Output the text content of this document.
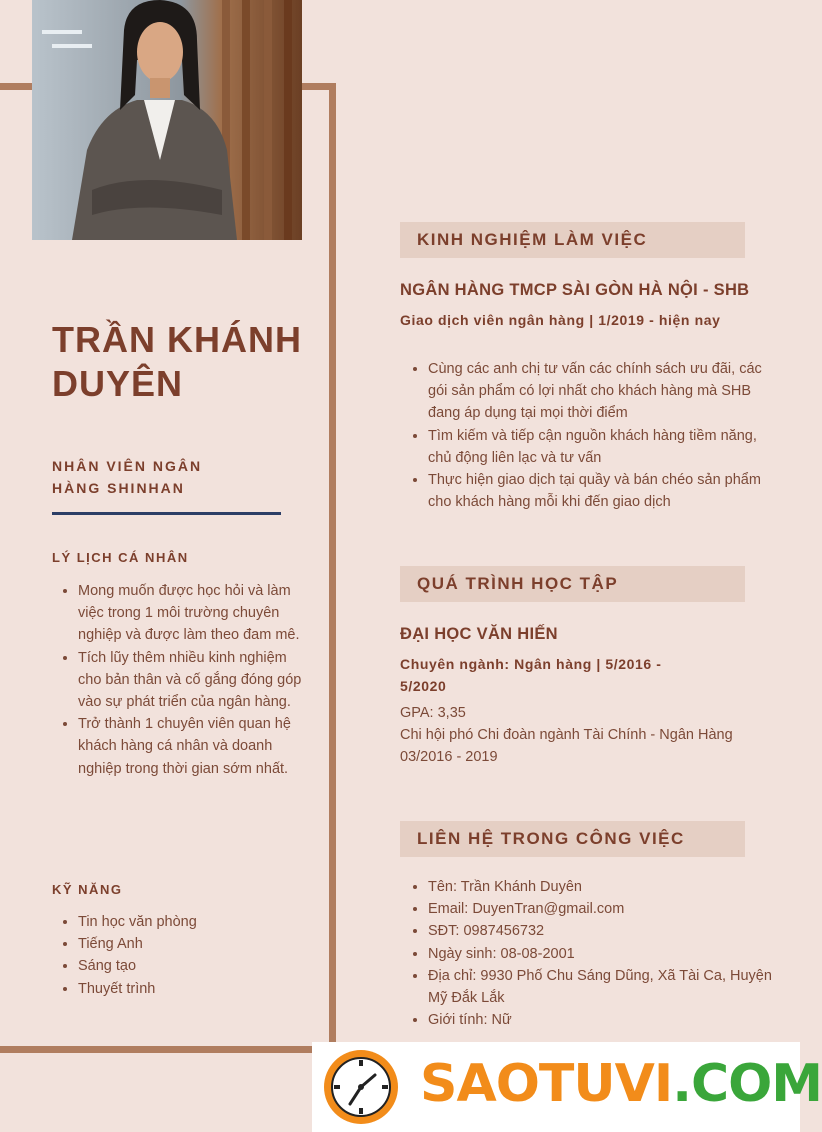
TRẦN KHÁNH
DUYÊN
NHÂN VIÊN NGÂN
HÀNG SHINHAN
LÝ LỊCH CÁ NHÂN
• Mong muốn được học hỏi và làm việc trong 1 môi trường chuyên nghiệp và được làm theo đam mê.
• Tích lũy thêm nhiều kinh nghiệm cho bản thân và cố gắng đóng góp vào sự phát triển của ngân hàng.
• Trở thành 1 chuyên viên quan hệ khách hàng cá nhân và doanh nghiệp trong thời gian sớm nhất.
KỸ NĂNG
• Tin học văn phòng
• Tiếng Anh
• Sáng tạo
• Thuyết trình
KINH NGHIỆM LÀM VIỆC
NGÂN HÀNG TMCP SÀI GÒN HÀ NỘI - SHB
Giao dịch viên ngân hàng | 1/2019 - hiện nay
• Cùng các anh chị tư vấn các chính sách ưu đãi, các gói sản phẩm có lợi nhất cho khách hàng mà SHB đang áp dụng tại mọi thời điểm
• Tìm kiếm và tiếp cận nguồn khách hàng tiềm năng, chủ động liên lạc và tư vấn
• Thực hiện giao dịch tại quầy và bán chéo sản phẩm cho khách hàng mỗi khi đến giao dịch
QUÁ TRÌNH HỌC TẬP
ĐẠI HỌC VĂN HIẾN
Chuyên ngành: Ngân hàng | 5/2016 -
5/2020
GPA: 3,35
Chi hội phó Chi đoàn ngành Tài Chính - Ngân Hàng
03/2016 - 2019
LIÊN HỆ TRONG CÔNG VIỆC
• Tên: Trần Khánh Duyên
• Email: DuyenTran@gmail.com
• SĐT: 0987456732
• Ngày sinh: 08-08-2001
• Địa chỉ: 9930 Phố Chu Sáng Dũng, Xã Tài Ca, Huyện Mỹ Đắk Lắk
• Giới tính: Nữ
SAOTUVI.COM
